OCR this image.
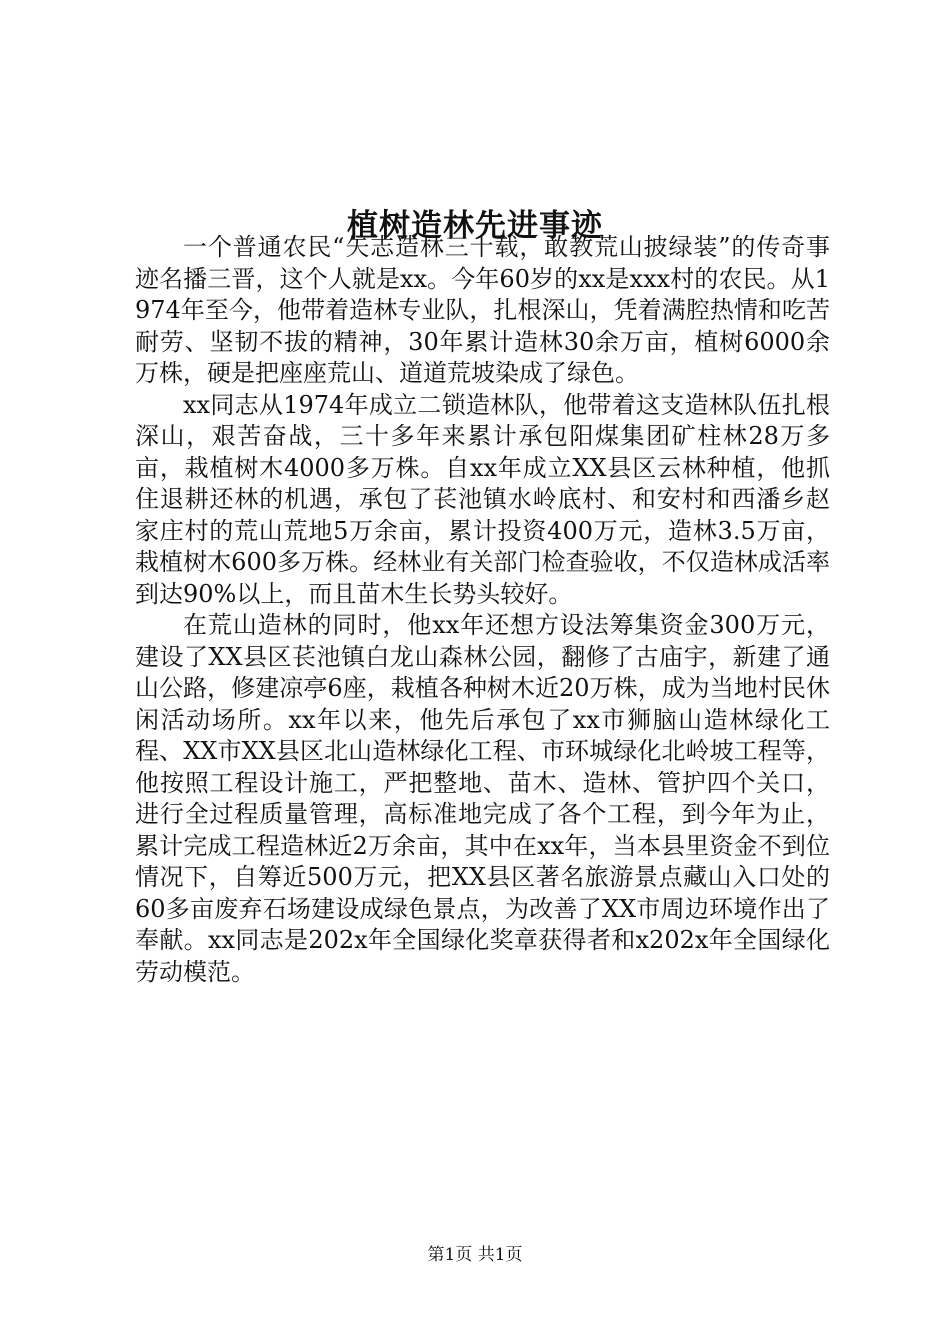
植树造林先进事迹

一个普通农民“矢志造林三十载，敢教荒山披绿装”的传奇事迹名播三晋，这个人就是xx。今年60岁的xx是xxx村的农民。从1974年至今，他带着造林专业队，扎根深山，凭着满腔热情和吃苦耐劳、坚韧不拔的精神，30年累计造林30余万亩，植树6000余万株，硬是把座座荒山、道道荒坡染成了绿色。

xx同志从1974年成立二锁造林队，他带着这支造林队伍扎根深山，艰苦奋战，三十多年来累计承包阳煤集团矿柱林28万多亩，栽植树木4000多万株。自xx年成立XX县区云林种植，他抓住退耕还林的机遇，承包了苌池镇水岭底村、和安村和西潘乡赵家庄村的荒山荒地5万余亩，累计投资400万元，造林3.5万亩，栽植树木600多万株。经林业有关部门检查验收，不仅造林成活率到达90%以上，而且苗木生长势头较好。

在荒山造林的同时，他xx年还想方设法筹集资金300万元，建设了XX县区苌池镇白龙山森林公园，翻修了古庙宇，新建了通山公路，修建凉亭6座，栽植各种树木近20万株，成为当地村民休闲活动场所。xx年以来，他先后承包了xx市狮脑山造林绿化工程、XX市XX县区北山造林绿化工程、市环城绿化北岭坡工程等，他按照工程设计施工，严把整地、苗木、造林、管护四个关口，进行全过程质量管理，高标准地完成了各个工程，到今年为止，累计完成工程造林近2万余亩，其中在xx年，当本县里资金不到位情况下，自筹近500万元，把XX县区著名旅游景点藏山入口处的60多亩废弃石场建设成绿色景点，为改善了XX市周边环境作出了奉献。xx同志是202x年全国绿化奖章获得者和x202x年全国绿化劳动模范。

第1页 共1页
